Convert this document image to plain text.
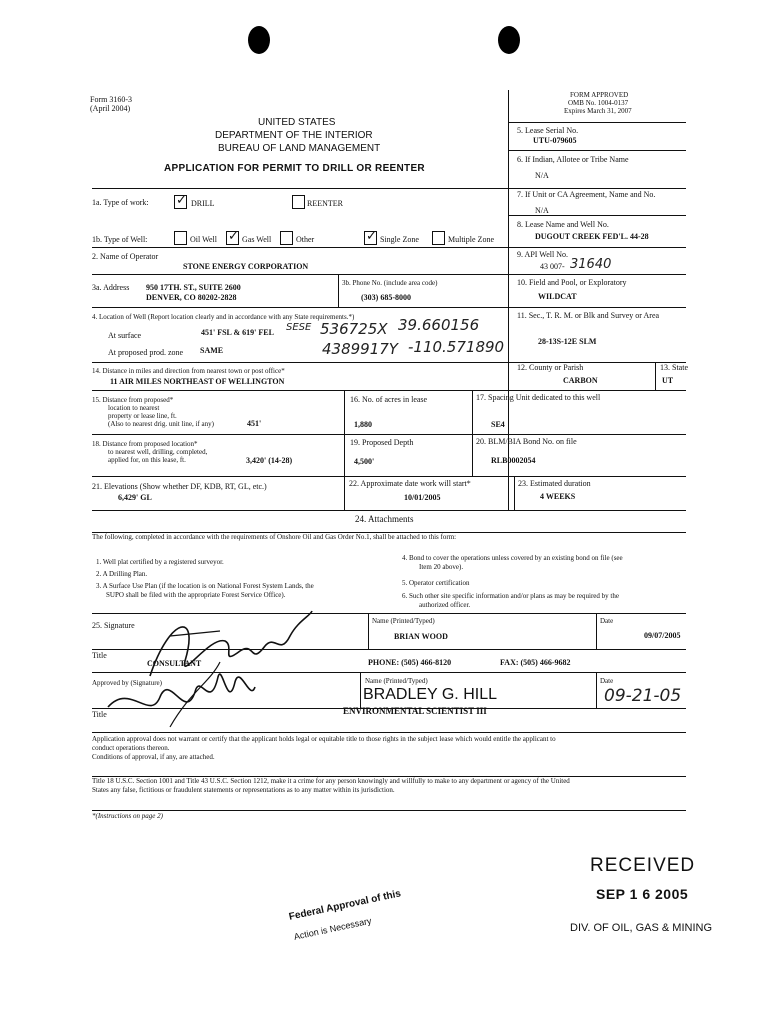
Form 3160-3
(April 2004)
FORM APPROVED
OMB No. 1004-0137
Expires March 31, 2007
UNITED STATES
DEPARTMENT OF THE INTERIOR
BUREAU OF LAND MANAGEMENT
APPLICATION FOR PERMIT TO DRILL OR REENTER
5. Lease Serial No.
UTU-079605
6. If Indian, Allotee or Tribe Name
N/A
7. If Unit or CA Agreement, Name and No.
N/A
8. Lease Name and Well No.
DUGOUT CREEK FED'L. 44-28
9. API Well No.
43 007- 31640
10. Field and Pool, or Exploratory
WILDCAT
11. Sec., T. R. M. or Blk and Survey or Area
28-13S-12E SLM
12. County or Parish
CARBON
13. State
UT
1a. Type of work: ✓ DRILL	REENTER
1b. Type of Well:	Oil Well ✓ Gas Well	Other	✓ Single Zone	Multiple Zone
2. Name of Operator
STONE ENERGY CORPORATION
3a. Address 950 17TH. ST., SUITE 2600
DENVER, CO 80202-2828
3b. Phone No. (include area code)
(303) 685-8000
4. Location of Well (Report location clearly and in accordance with any State requirements.*)
At surface	451' FSL & 619' FEL SESE 536725X 39.660156
At proposed prod. zone SAME	4389917Y -110.571890
14. Distance in miles and direction from nearest town or post office*
11 AIR MILES NORTHEAST OF WELLINGTON
15. Distance from proposed*
location to nearest
property or lease line, ft.
(Also to nearest drig. unit line, if any)	451'
16. No. of acres in lease
1,880
17. Spacing Unit dedicated to this well
SE4
18. Distance from proposed location*
to nearest well, drilling, completed,
applied for, on this lease, ft.	3,420' (14-28)
19. Proposed Depth
4,500'
20. BLM/BIA Bond No. on file
RLB0002054
21. Elevations (Show whether DF, KDB, RT, GL, etc.)
6,429' GL
22. Approximate date work will start*
10/01/2005
23. Estimated duration
4 WEEKS
24. Attachments
The following, completed in accordance with the requirements of Onshore Oil and Gas Order No.1, shall be attached to this form:
1. Well plat certified by a registered surveyor.
2. A Drilling Plan.
3. A Surface Use Plan (if the location is on National Forest System Lands, the
SUPO shall be filed with the appropriate Forest Service Office).
4. Bond to cover the operations unless covered by an existing bond on file (see
Item 20 above).
5. Operator certification
6. Such other site specific information and/or plans as may be required by the
authorized officer.
25. Signature	Name (Printed/Typed)
BRIAN WOOD
Date
09/07/2005
Title
CONSULTANT	PHONE: (505) 466-8120	FAX: (505) 466-9682
Approved by (Signature)	Name (Printed/Typed)
BRADLEY G. HILL
Date
09-21-05
Title	ENVIRONMENTAL SCIENTIST III
Application approval does not warrant or certify that the applicant holds legal or equitable title to those rights in the subject lease which would entitle the applicant to
conduct operations thereon.
Conditions of approval, if any, are attached.
Title 18 U.S.C. Section 1001 and Title 43 U.S.C. Section 1212, make it a crime for any person knowingly and willfully to make to any department or agency of the United
States any false, fictitious or fraudulent statements or representations as to any matter within its jurisdiction.
*(Instructions on page 2)
RECEIVED
SEP 1 6 2005
DIV. OF OIL, GAS & MINING
Federal Approval of this
Action is Necessary
